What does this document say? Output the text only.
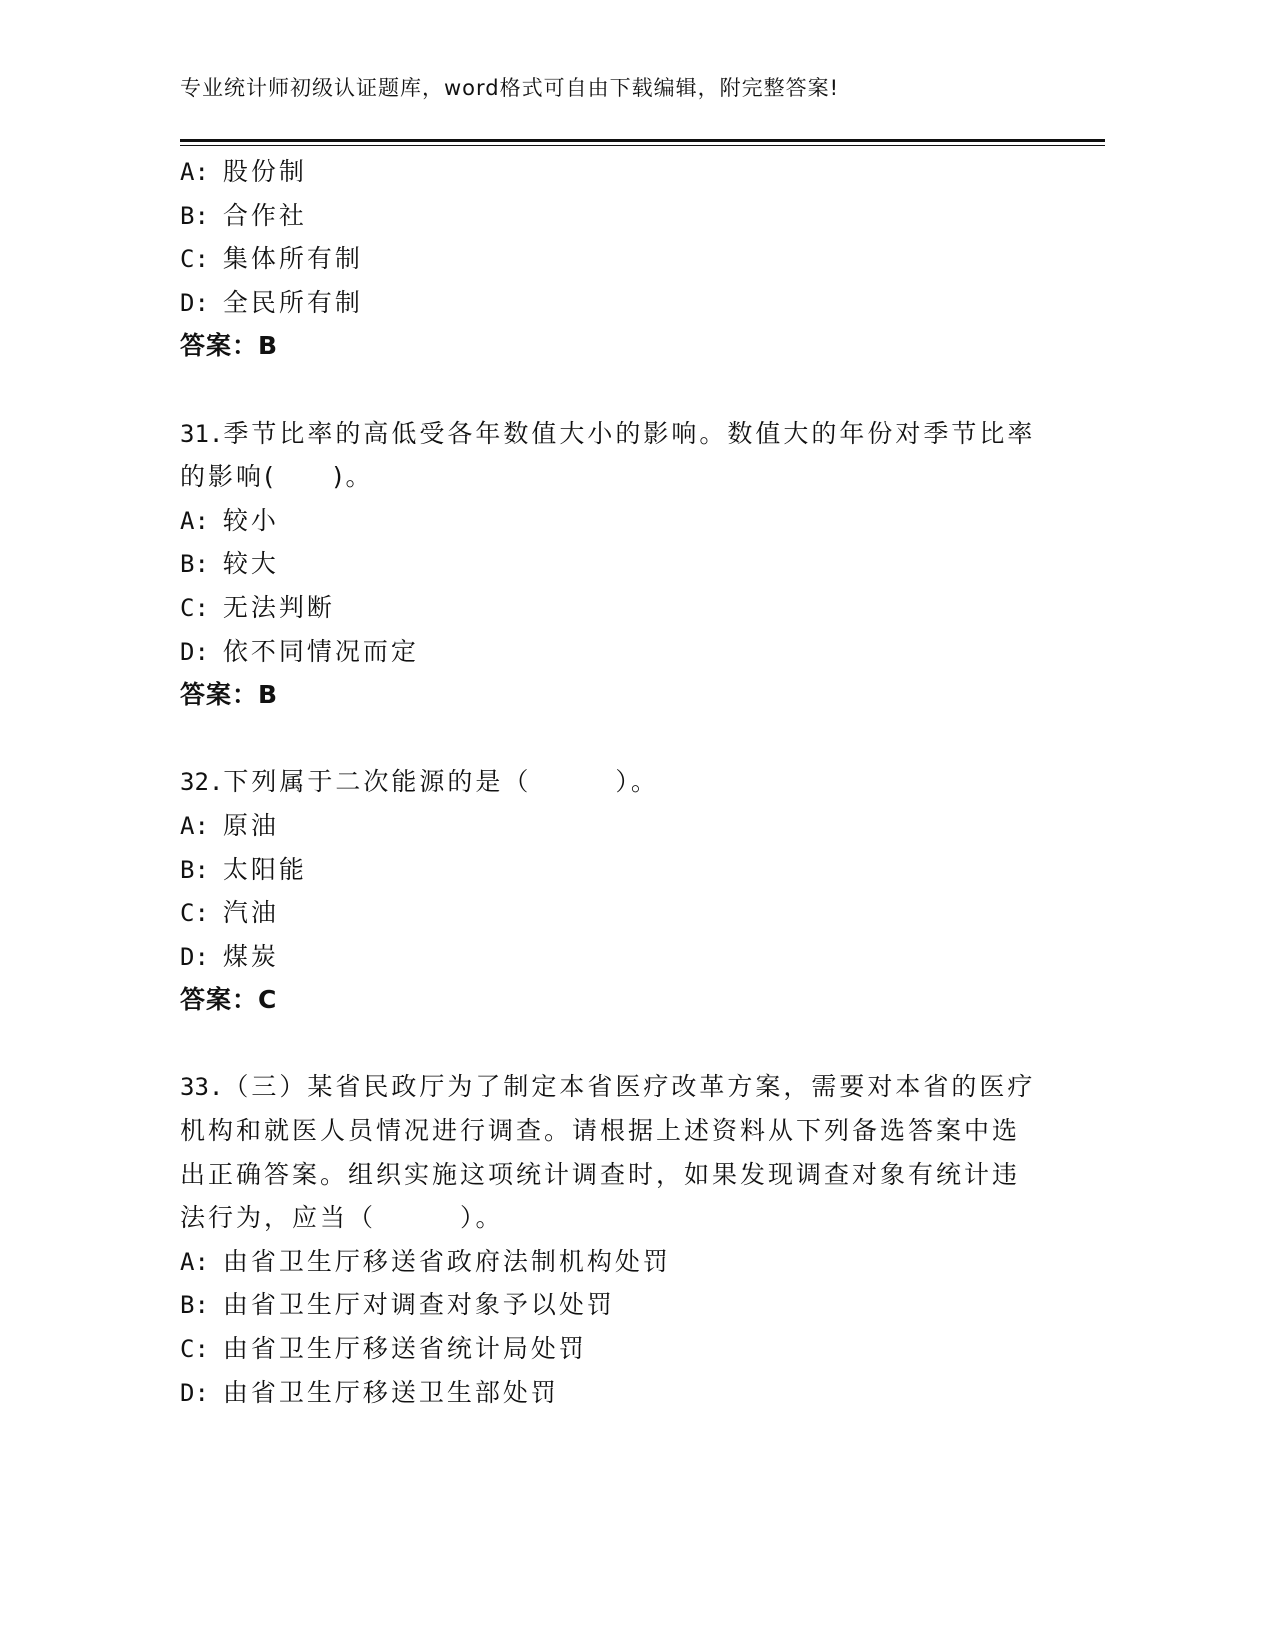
专业统计师初级认证题库，word格式可自由下载编辑，附完整答案!
A: 股份制
B: 合作社
C: 集体所有制
D: 全民所有制
答案：B
31.季节比率的高低受各年数值大小的影响。数值大的年份对季节比率
的影响(　　)。
A: 较小
B: 较大
C: 无法判断
D: 依不同情况而定
答案：B
32.下列属于二次能源的是（　　　）。
A: 原油
B: 太阳能
C: 汽油
D: 煤炭
答案：C
33.（三）某省民政厅为了制定本省医疗改革方案，需要对本省的医疗
机构和就医人员情况进行调查。请根据上述资料从下列备选答案中选
出正确答案。组织实施这项统计调查时，如果发现调查对象有统计违
法行为，应当（　　　）。
A: 由省卫生厅移送省政府法制机构处罚
B: 由省卫生厅对调查对象予以处罚
C: 由省卫生厅移送省统计局处罚
D: 由省卫生厅移送卫生部处罚
